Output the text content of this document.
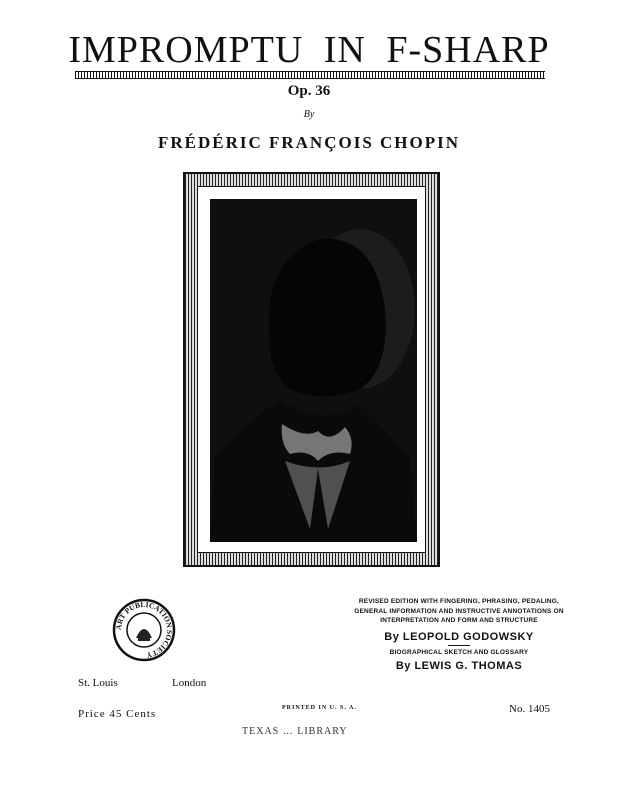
IMPROMPTU IN F-SHARP
Op. 36
By
FRÉDÉRIC FRANÇOIS CHOPIN
ART PUBLICATION SOCIETY
REVISED EDITION WITH FINGERING, PHRASING, PEDALING, GENERAL INFORMATION AND INSTRUCTIVE ANNOTATIONS ON INTERPRETATION AND FORM AND STRUCTURE
By LEOPOLD GODOWSKY
BIOGRAPHICAL SKETCH AND GLOSSARY
By LEWIS G. THOMAS
St. Louis	London
Price 45 Cents	PRINTED IN U. S. A.	No. 1405
TEXAS … LIBRARY
